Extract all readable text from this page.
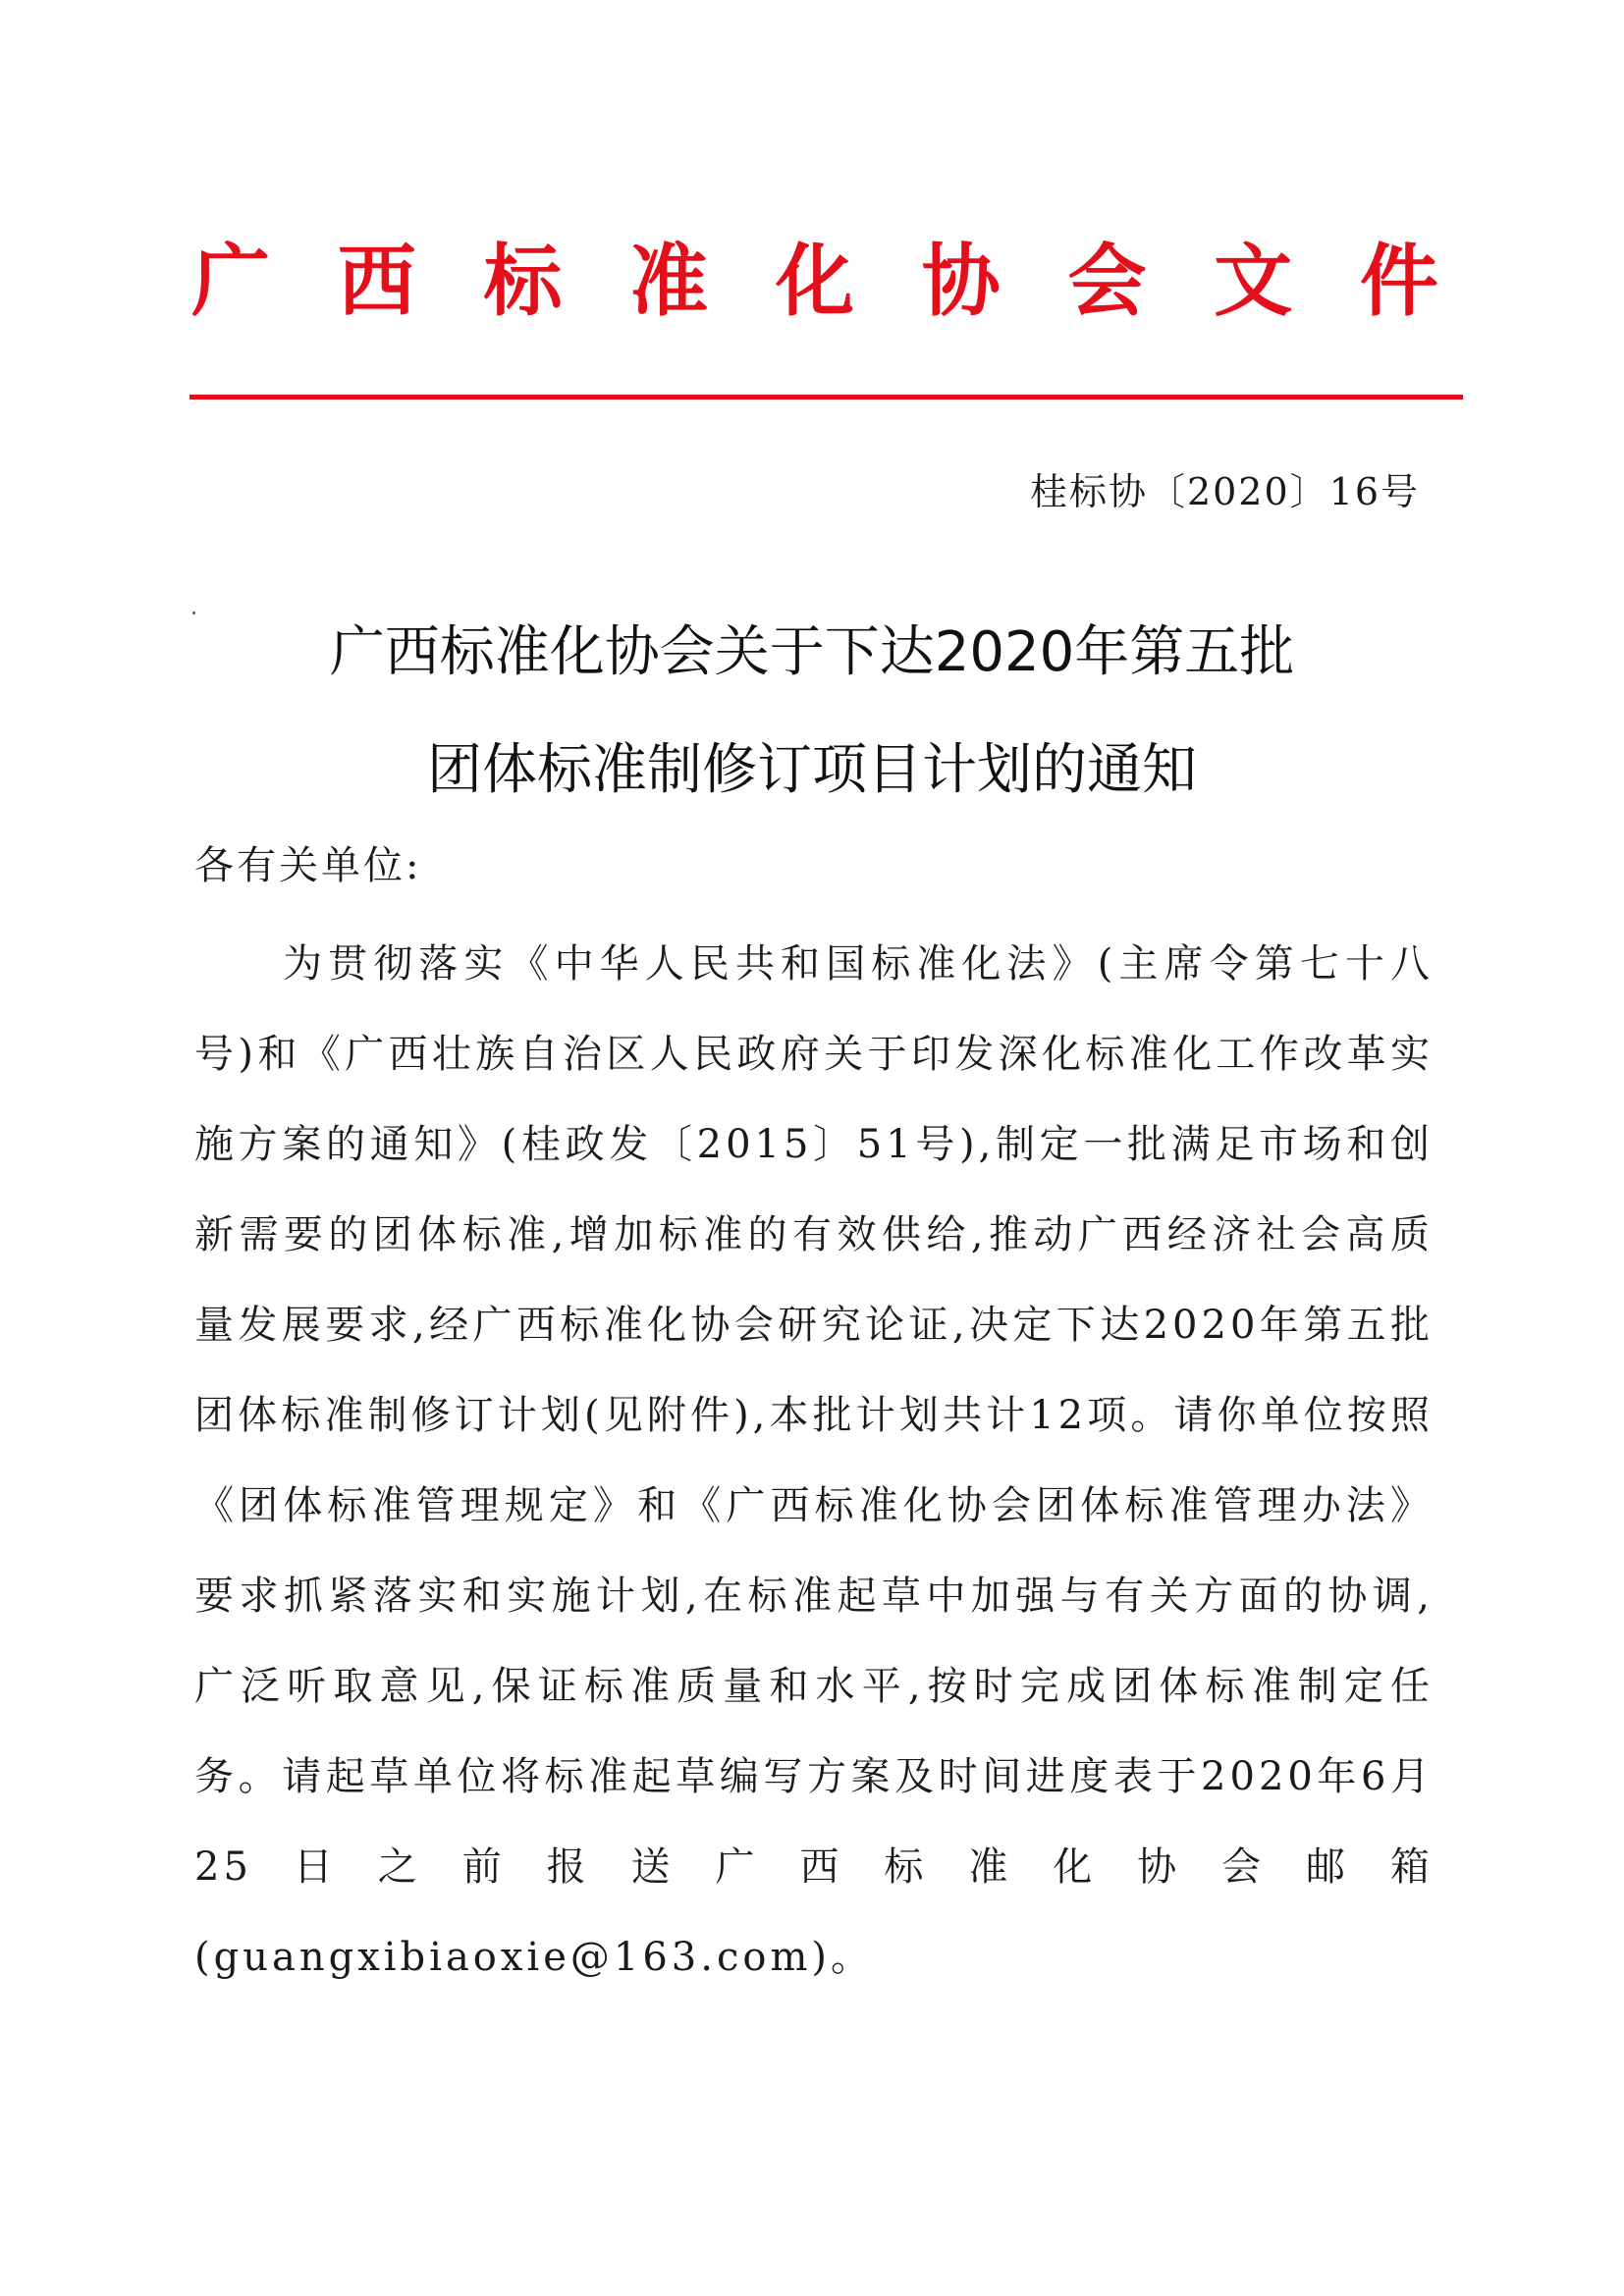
广 西 标 准 化 协 会 文 件
桂标协〔2020〕16号
广西标准化协会关于下达2020年第五批
团体标准制修订项目计划的通知
各有关单位:

为贯彻落实《中华人民共和国标准化法》(主席令第七十八号)和《广西壮族自治区人民政府关于印发深化标准化工作改革实施方案的通知》(桂政发〔2015〕51号),制定一批满足市场和创新需要的团体标准,增加标准的有效供给,推动广西经济社会高质量发展要求,经广西标准化协会研究论证,决定下达2020年第五批团体标准制修订计划(见附件),本批计划共计12项。请你单位按照《团体标准管理规定》和《广西标准化协会团体标准管理办法》要求抓紧落实和实施计划,在标准起草中加强与有关方面的协调,广泛听取意见,保证标准质量和水平,按时完成团体标准制定任务。请起草单位将标准起草编写方案及时间进度表于2020年6月25日之前报送广西标准化协会邮箱(guangxibiaoxie@163.com)。
